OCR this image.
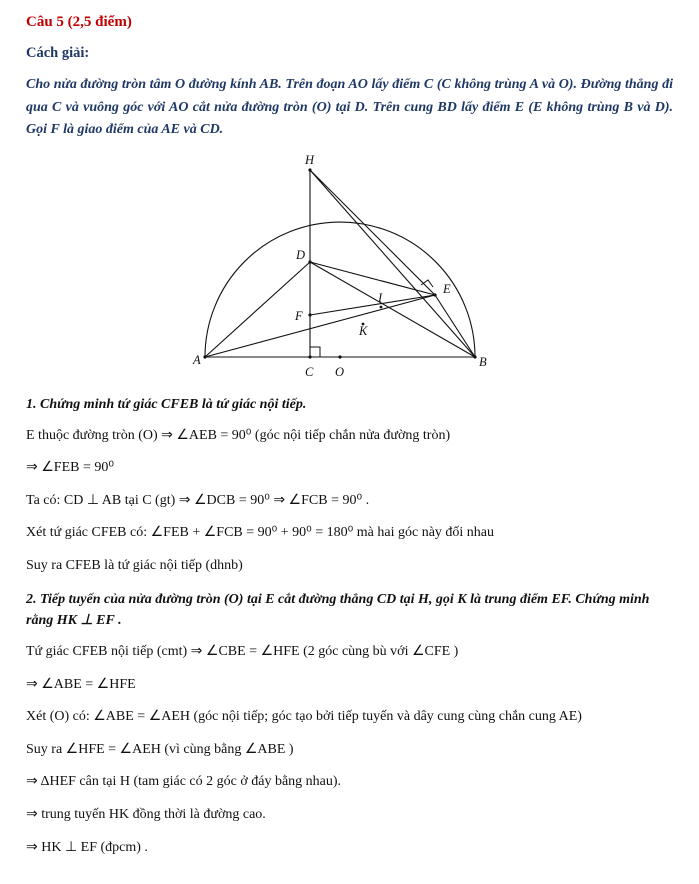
Câu 5 (2,5 điểm)
Cách giải:
Cho nửa đường tròn tâm O đường kính AB. Trên đoạn AO lấy điểm C (C không trùng A và O). Đường thẳng đi qua C và vuông góc với AO cắt nửa đường tròn (O) tại D. Trên cung BD lấy điểm E (E không trùng B và D). Gọi F là giao điểm của AE và CD.
H
D
E
I
F
K
A
C O
B
1. Chứng minh tứ giác CFEB là tứ giác nội tiếp.
E thuộc đường tròn (O) ⇒ ∠AEB = 90⁰ (góc nội tiếp chắn nửa đường tròn)
⇒ ∠FEB = 90⁰
Ta có: CD ⊥ AB tại C (gt) ⇒ ∠DCB = 90⁰ ⇒ ∠FCB = 90⁰ .
Xét tứ giác CFEB có: ∠FEB + ∠FCB = 90⁰ + 90⁰ = 180⁰ mà hai góc này đối nhau
Suy ra CFEB là tứ giác nội tiếp (dhnb)
2. Tiếp tuyến của nửa đường tròn (O) tại E cắt đường thẳng CD tại H, gọi K là trung điểm EF. Chứng minh rằng HK ⊥ EF .
Tứ giác CFEB nội tiếp (cmt) ⇒ ∠CBE = ∠HFE (2 góc cùng bù với ∠CFE )
⇒ ∠ABE = ∠HFE
Xét (O) có: ∠ABE = ∠AEH (góc nội tiếp; góc tạo bởi tiếp tuyến và dây cung cùng chắn cung AE)
Suy ra ∠HFE = ∠AEH (vì cùng bằng ∠ABE )
⇒ ΔHEF cân tại H (tam giác có 2 góc ở đáy bằng nhau).
⇒ trung tuyến HK đồng thời là đường cao.
⇒ HK ⊥ EF (đpcm) .
